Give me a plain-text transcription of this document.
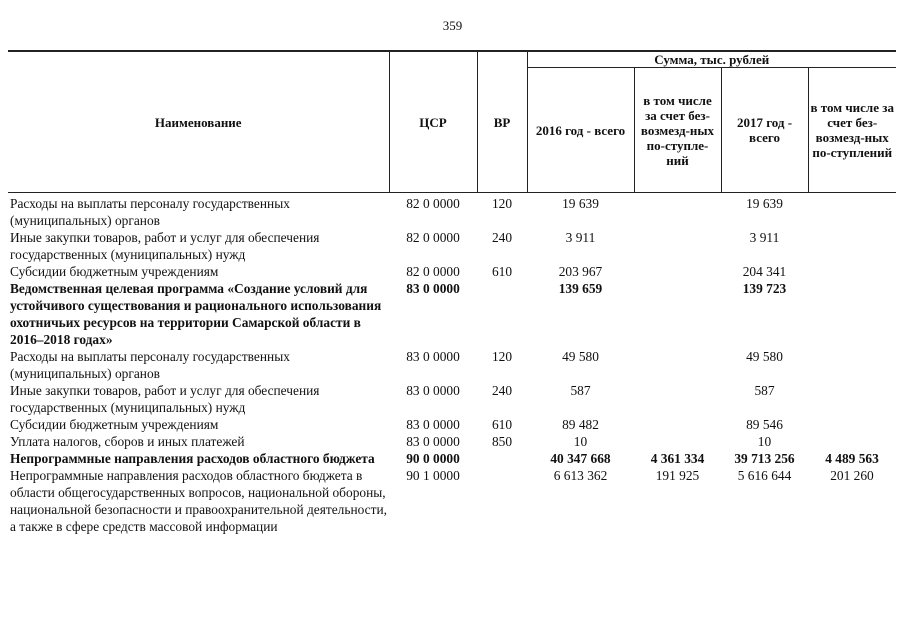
359
Наименование	ЦСР	ВР	Сумма, тыс. рублей			
			2016 год - всего	в том числе за счет без-возмезд-ных по-ступле-ний	2017 год - всего	в том числе за счет без-возмезд-ных по-ступлений
Расходы на выплаты персоналу государственных (муниципальных) органов	82 0 0000	120	19 639		19 639	
Иные закупки товаров, работ и услуг для обеспечения государственных (муниципальных) нужд	82 0 0000	240	3 911		3 911	
Субсидии бюджетным учреждениям	82 0 0000	610	203 967		204 341	
Ведомственная целевая программа «Создание условий для устойчивого существования и рационального использования охотничьих ресурсов на территории Самарской области в 2016–2018 годах»	83 0 0000		139 659		139 723	
Расходы на выплаты персоналу государственных (муниципальных) органов	83 0 0000	120	49 580		49 580	
Иные закупки товаров, работ и услуг для обеспечения государственных (муниципальных) нужд	83 0 0000	240	587		587	
Субсидии бюджетным учреждениям	83 0 0000	610	89 482		89 546	
Уплата налогов, сборов и иных платежей	83 0 0000	850	10		10	
Непрограммные направления расходов областного бюджета	90 0 0000		40 347 668	4 361 334	39 713 256	4 489 563
Непрограммные направления расходов областного бюджета в области общегосударственных вопросов, национальной обороны, национальной безопасности и правоохранительной деятельности, а также в сфере средств массовой информации	90 1 0000		6 613 362	191 925	5 616 644	201 260
